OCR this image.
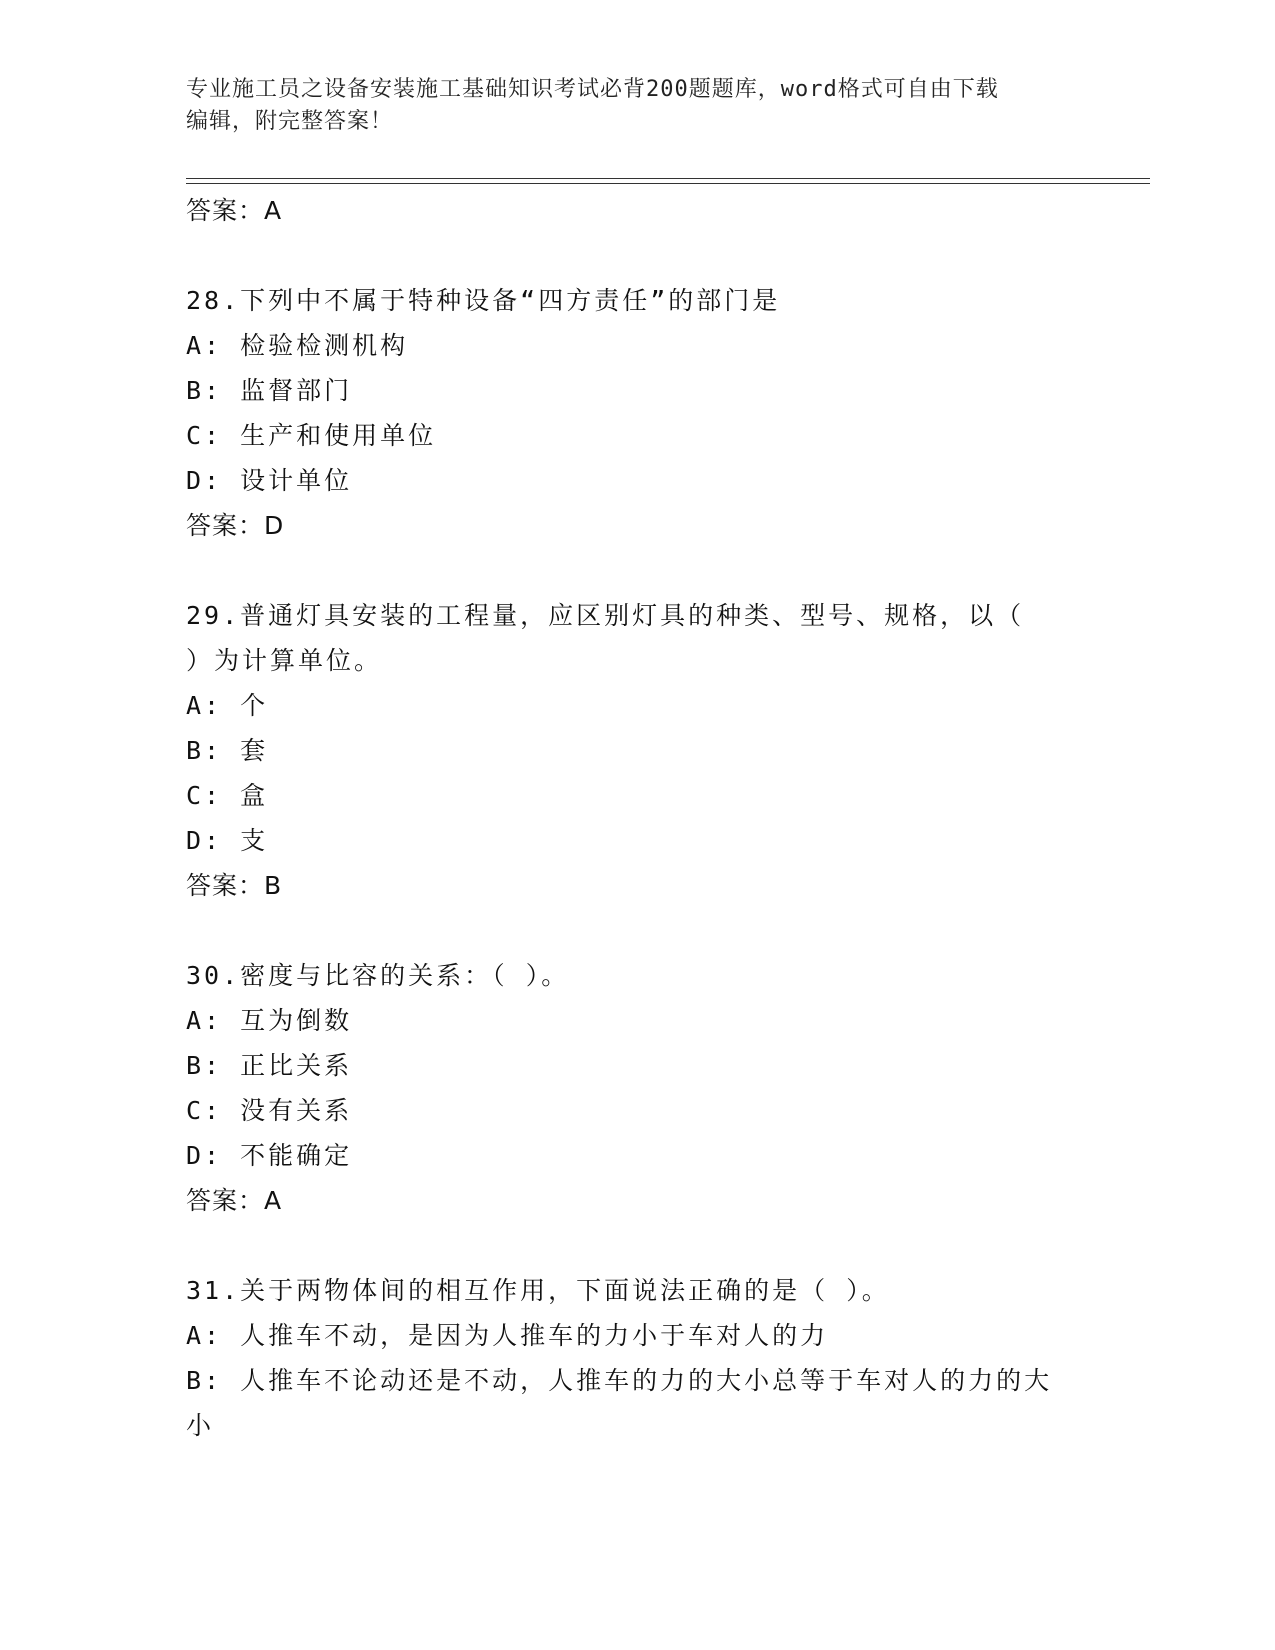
专业施工员之设备安装施工基础知识考试必背200题题库，word格式可自由下载
编辑，附完整答案！
答案：A
28.下列中不属于特种设备“四方责任”的部门是
A: 检验检测机构
B: 监督部门
C: 生产和使用单位
D: 设计单位
答案：D
29.普通灯具安装的工程量，应区别灯具的种类、型号、规格，以（
）为计算单位。
A: 个
B: 套
C: 盒
D: 支
答案：B
30.密度与比容的关系：（ ）。
A: 互为倒数
B: 正比关系
C: 没有关系
D: 不能确定
答案：A
31.关于两物体间的相互作用，下面说法正确的是（ ）。
A: 人推车不动，是因为人推车的力小于车对人的力
B: 人推车不论动还是不动，人推车的力的大小总等于车对人的力的大
小
